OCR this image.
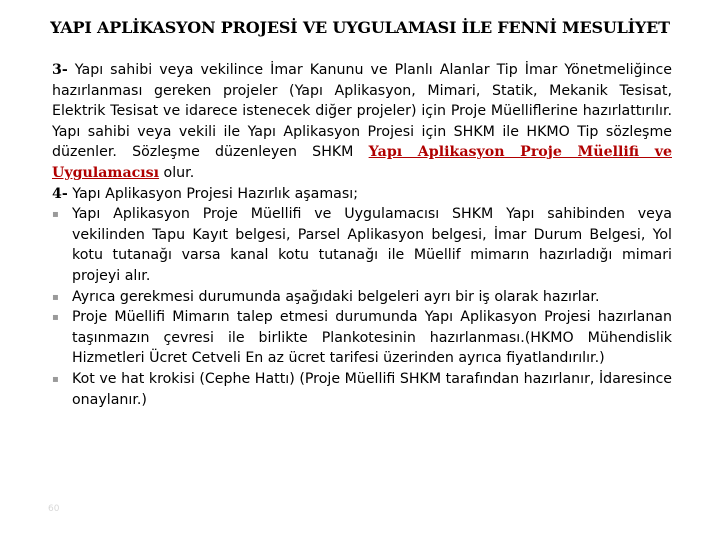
YAPI APLİKASYON PROJESİ VE UYGULAMASI İLE FENNİ MESULİYET

3- Yapı sahibi veya vekilince İmar Kanunu ve Planlı Alanlar Tip İmar Yönetmeliğince hazırlanması gereken projeler (Yapı Aplikasyon, Mimari, Statik, Mekanik Tesisat, Elektrik Tesisat ve idarece istenecek diğer projeler) için Proje Müelliflerine hazırlattırılır. Yapı sahibi veya vekili ile Yapı Aplikasyon Projesi için SHKM ile HKMO Tip sözleşme düzenler. Sözleşme düzenleyen SHKM Yapı Aplikasyon Proje Müellifi ve Uygulamacısı olur.

4- Yapı Aplikasyon Projesi Hazırlık aşaması;

▪ Yapı Aplikasyon Proje Müellifi ve Uygulamacısı SHKM Yapı sahibinden veya vekilinden Tapu Kayıt belgesi, Parsel Aplikasyon belgesi, İmar Durum Belgesi, Yol kotu tutanağı varsa kanal kotu tutanağı ile Müellif mimarın hazırladığı mimari projeyi alır.
▪ Ayrıca gerekmesi durumunda aşağıdaki belgeleri ayrı bir iş olarak hazırlar.
▪ Proje Müellifi Mimarın talep etmesi durumunda Yapı Aplikasyon Projesi hazırlanan taşınmazın çevresi ile birlikte Plankotesinin hazırlanması.(HKMO Mühendislik Hizmetleri Ücret Cetveli En az ücret tarifesi üzerinden ayrıca fiyatlandırılır.)
▪ Kot ve hat krokisi (Cephe Hattı) (Proje Müellifi SHKM tarafından hazırlanır, İdaresince onaylanır.)
60
